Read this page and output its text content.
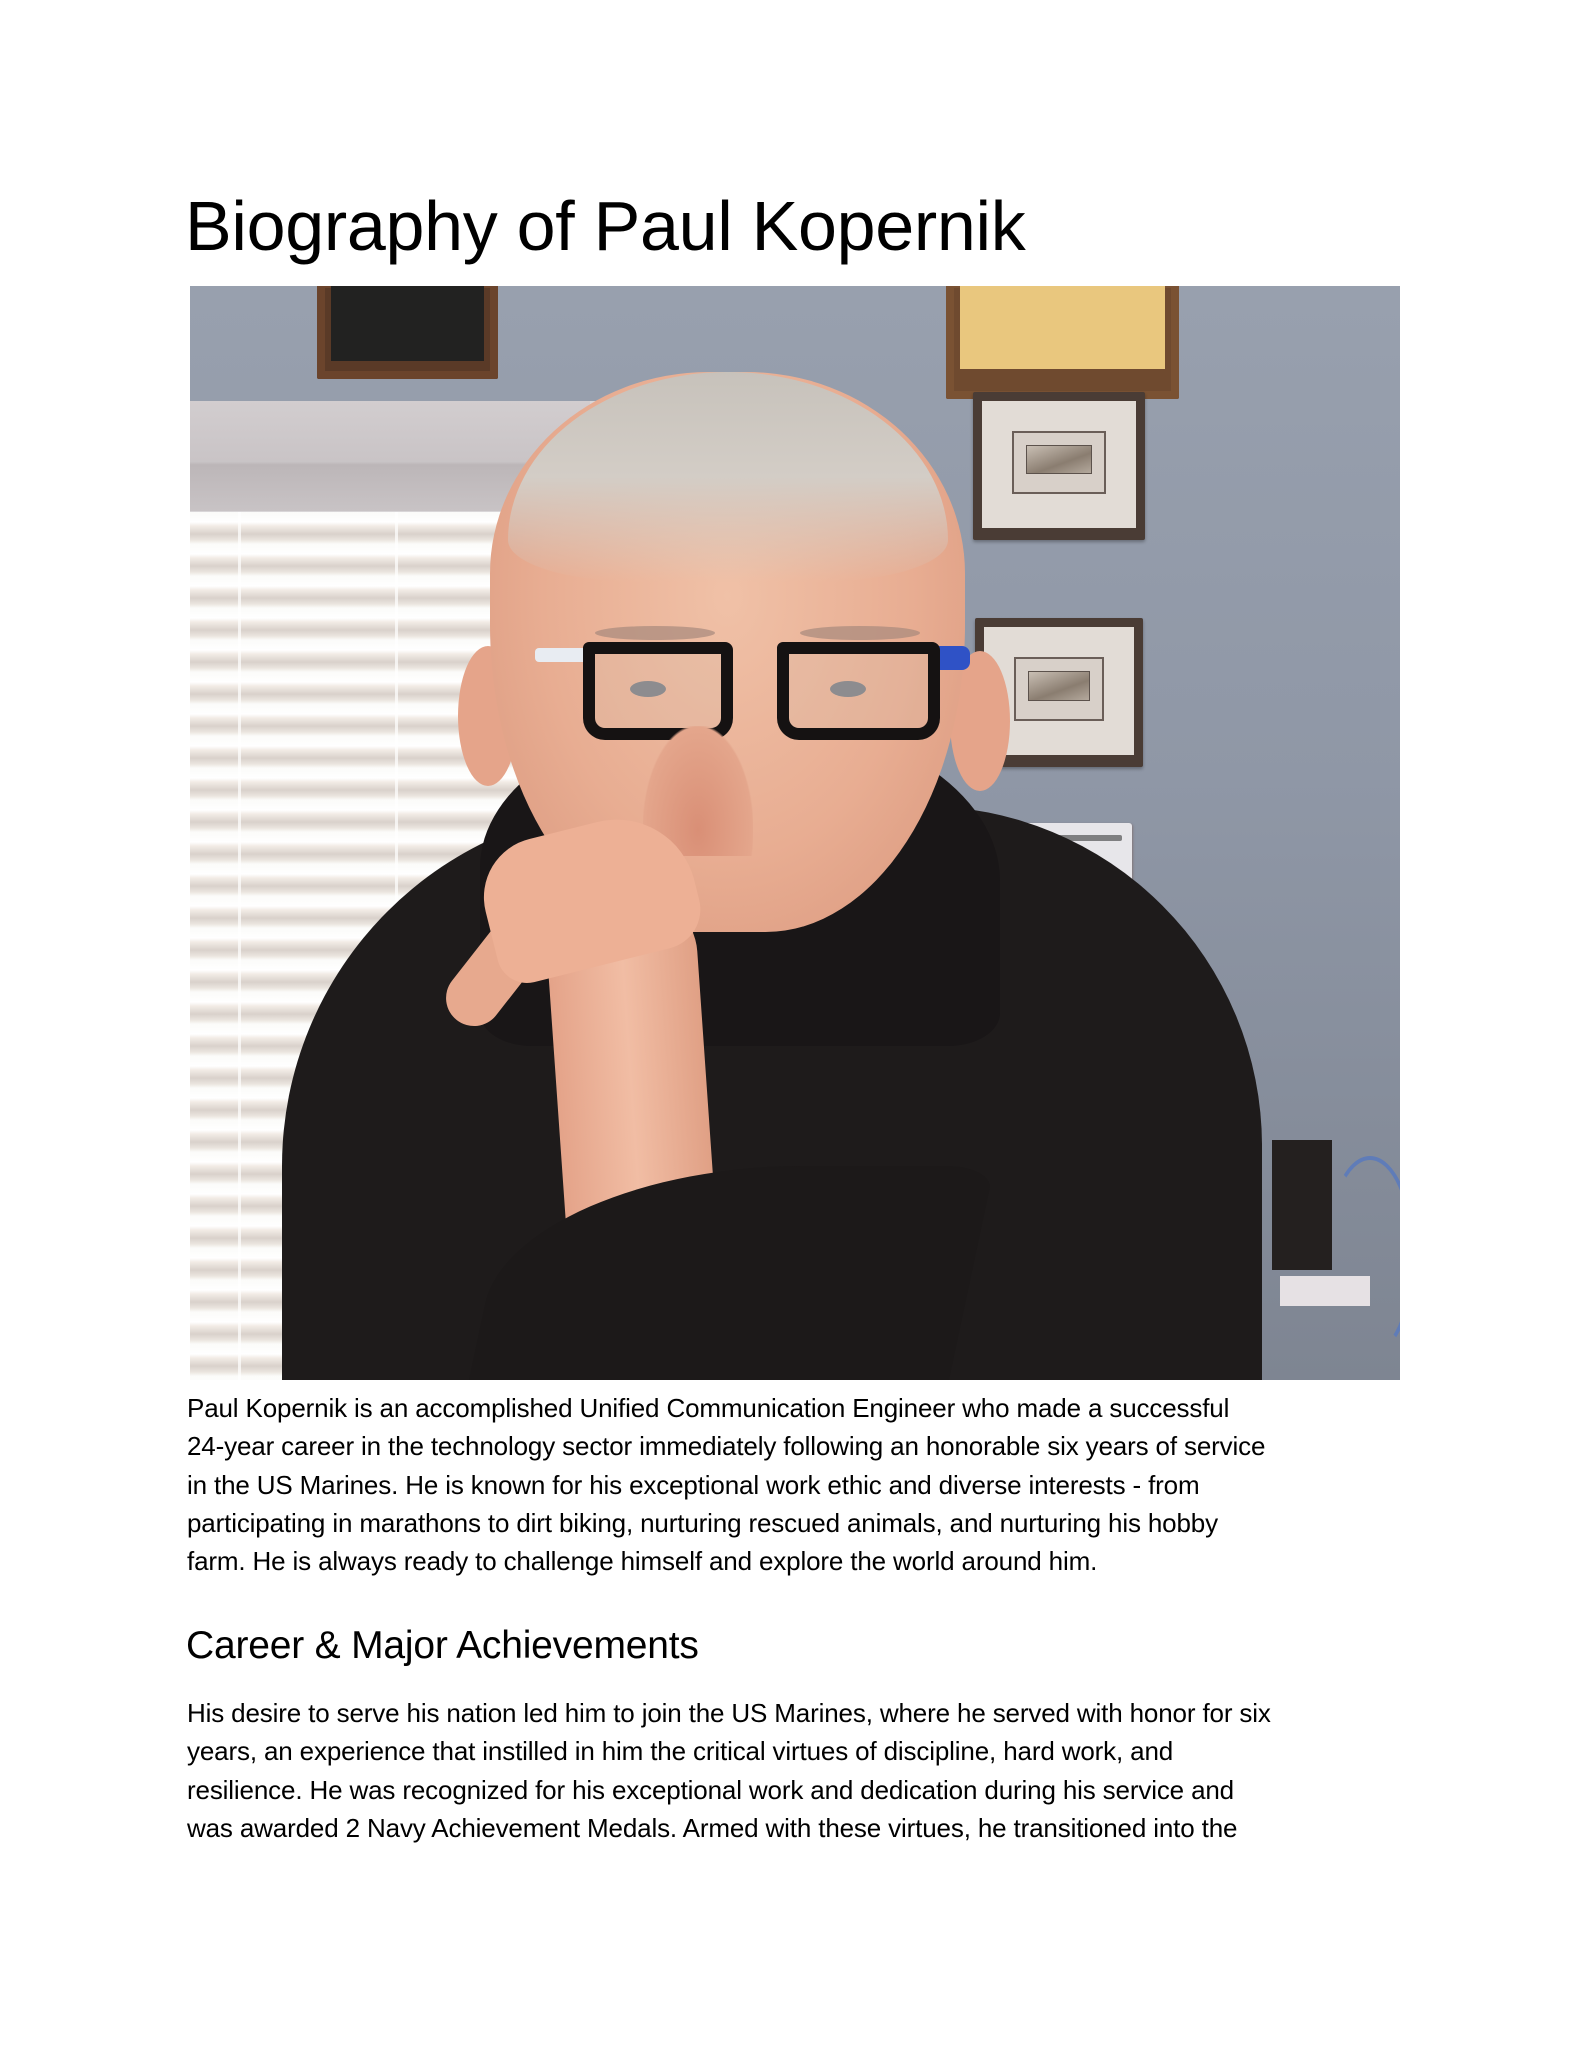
Biography of Paul Kopernik

Paul Kopernik is an accomplished Unified Communication Engineer who made a successful
24-year career in the technology sector immediately following an honorable six years of service
in the US Marines. He is known for his exceptional work ethic and diverse interests - from
participating in marathons to dirt biking, nurturing rescued animals, and nurturing his hobby
farm. He is always ready to challenge himself and explore the world around him.

Career & Major Achievements

His desire to serve his nation led him to join the US Marines, where he served with honor for six
years, an experience that instilled in him the critical virtues of discipline, hard work, and
resilience. He was recognized for his exceptional work and dedication during his service and
was awarded 2 Navy Achievement Medals. Armed with these virtues, he transitioned into the
